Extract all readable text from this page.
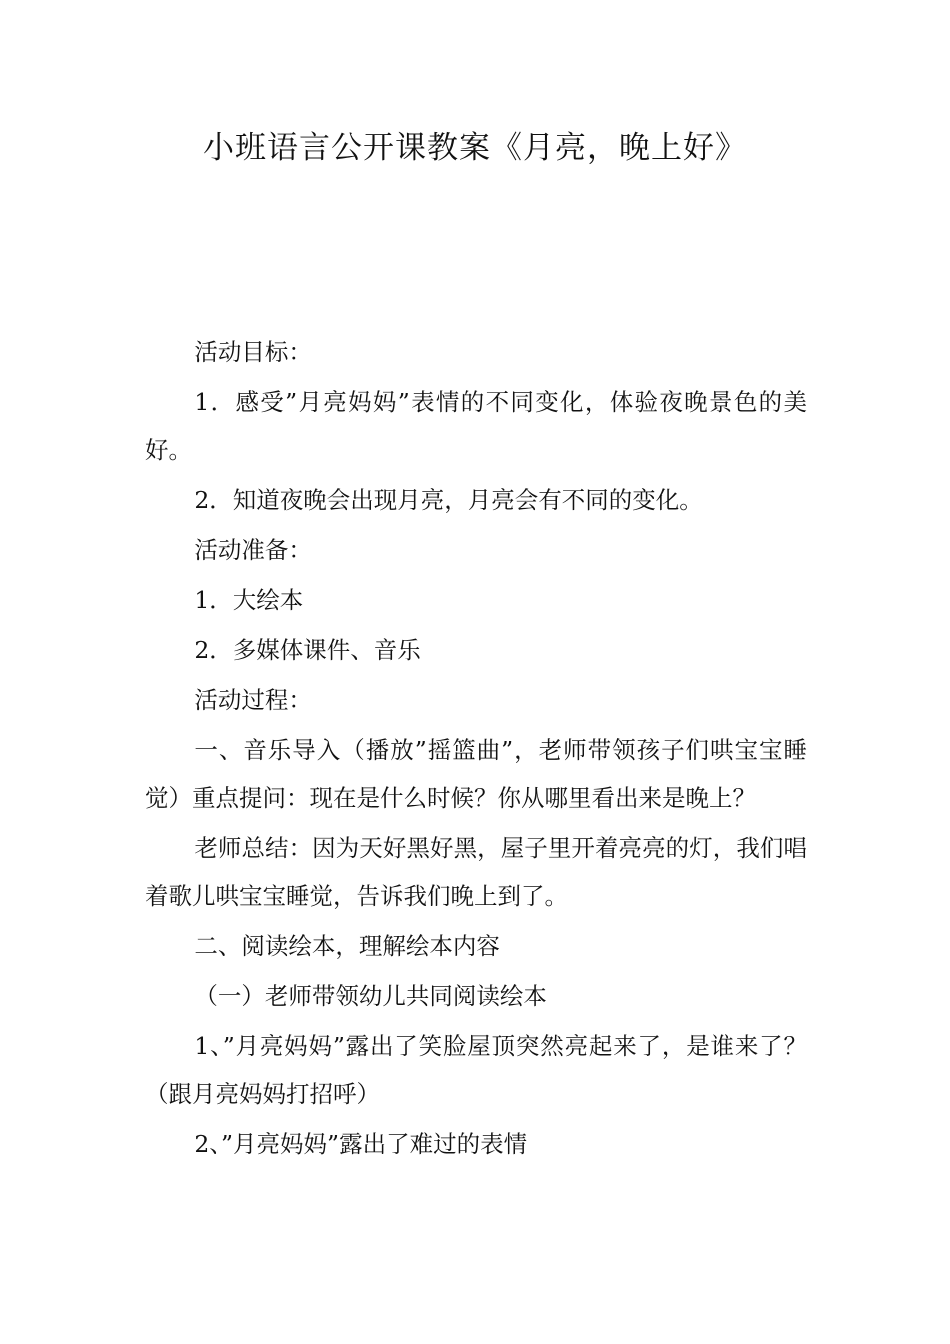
小班语言公开课教案《月亮，晚上好》

活动目标：

1．感受”月亮妈妈”表情的不同变化，体验夜晚景色的美好。

2．知道夜晚会出现月亮，月亮会有不同的变化。

活动准备：

1．大绘本

2．多媒体课件、音乐

活动过程：

一、音乐导入（播放”摇篮曲”，老师带领孩子们哄宝宝睡觉）重点提问：现在是什么时候？你从哪里看出来是晚上？

老师总结：因为天好黑好黑，屋子里开着亮亮的灯，我们唱着歌儿哄宝宝睡觉，告诉我们晚上到了。

二、阅读绘本，理解绘本内容

（一）老师带领幼儿共同阅读绘本

1、”月亮妈妈”露出了笑脸屋顶突然亮起来了，是谁来了？（跟月亮妈妈打招呼）

2、”月亮妈妈”露出了难过的表情
